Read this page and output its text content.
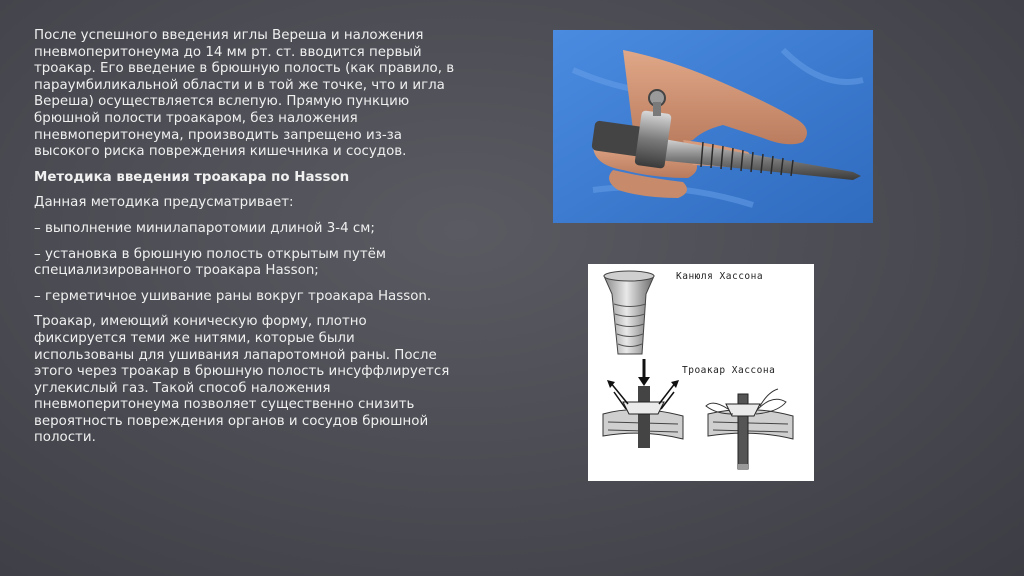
После успешного введения иглы Вереша и наложения пневмоперитонеума до 14 мм рт. ст. вводится первый троакар. Его введение в брюшную полость (как правило, в параумбиликальной области и в той же точке, что и игла Вереша) осуществляется вслепую. Прямую пункцию брюшной полости троакаром, без наложения пневмоперитонеума, производить запрещено из-за высокого риска повреждения кишечника и сосудов.

Методика введения троакара по Hasson

Данная методика предусматривает:

– выполнение минилапаротомии длиной 3-4 см;

– установка в брюшную полость открытым путём специализированного троакара Hasson;

– герметичное ушивание раны вокруг троакара Hasson.

Троакар, имеющий коническую форму, плотно фиксируется теми же нитями, которые были использованы для ушивания лапаротомной раны. После этого через троакар в брюшную полость инсуффлируется углекислый газ. Такой способ наложения пневмоперитонеума позволяет существенно снизить вероятность повреждения органов и сосудов брюшной полости.

Канюля Хассона
Троакар Хассона
